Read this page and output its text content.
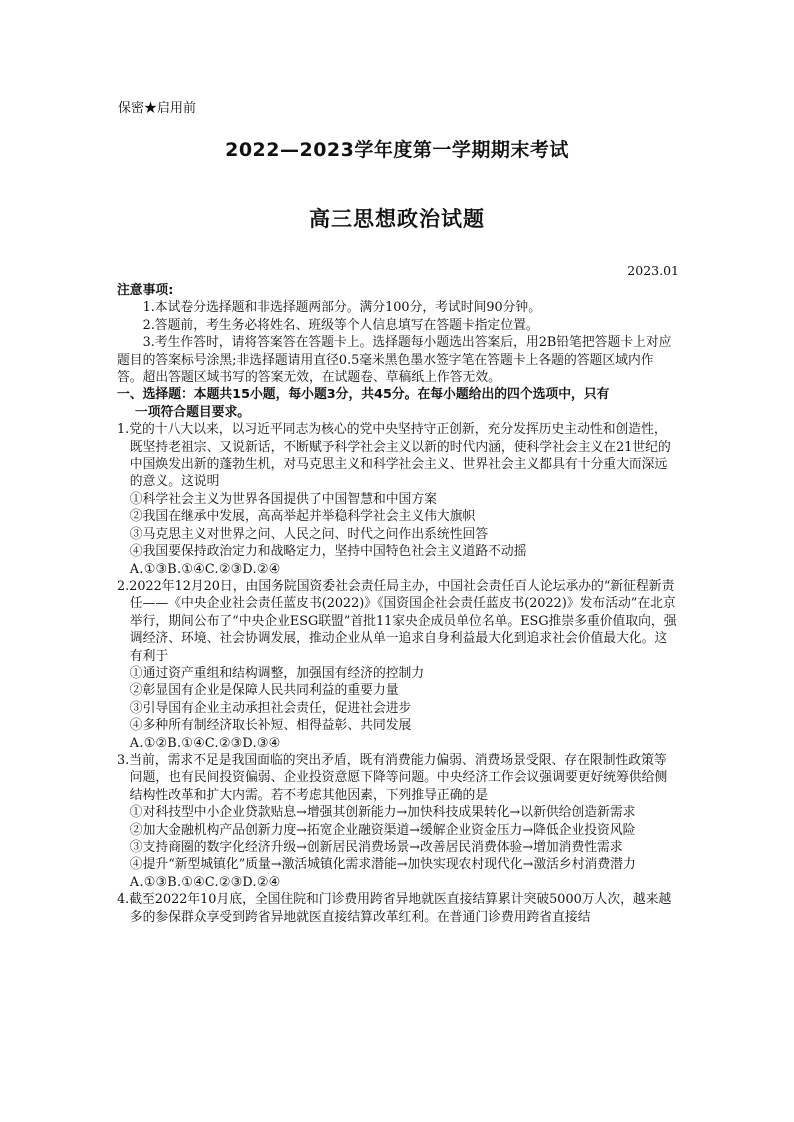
保密★启用前
2022—2023学年度第一学期期末考试
高三思想政治试题
2023.01
注意事项:
1.本试卷分选择题和非选择题两部分。满分100分，考试时间90分钟。
2.答题前，考生务必将姓名、班级等个人信息填写在答题卡指定位置。
3.考生作答时，请将答案答在答题卡上。选择题每小题选出答案后，用2B铅笔把答题卡上对应题目的答案标号涂黑;非选择题请用直径0.5毫米黑色墨水签字笔在答题卡上各题的答题区域内作答。超出答题区域书写的答案无效，在试题卷、草稿纸上作答无效。
一、选择题：本题共15小题，每小题3分，共45分。在每小题给出的四个选项中，只有
一项符合题目要求。
1.党的十八大以来，以习近平同志为核心的党中央坚持守正创新，充分发挥历史主动性和创造性，既坚持老祖宗、又说新话，不断赋予科学社会主义以新的时代内涵，使科学社会主义在21世纪的中国焕发出新的蓬勃生机，对马克思主义和科学社会主义、世界社会主义都具有十分重大而深远的意义。这说明
①科学社会主义为世界各国提供了中国智慧和中国方案
②我国在继承中发展，高高举起并举稳科学社会主义伟大旗帜
③马克思主义对世界之问、人民之问、时代之问作出系统性回答
④我国要保持政治定力和战略定力，坚持中国特色社会主义道路不动摇
A.①③B.①④C.②③D.②④
2.2022年12月20日，由国务院国资委社会责任局主办，中国社会责任百人论坛承办的“新征程新责任——《中央企业社会责任蓝皮书(2022)》《国资国企社会责任蓝皮书(2022)》发布活动”在北京举行，期间公布了“中央企业ESG联盟”首批11家央企成员单位名单。ESG推崇多重价值取向，强调经济、环境、社会协调发展，推动企业从单一追求自身利益最大化到追求社会价值最大化。这有利于
①通过资产重组和结构调整，加强国有经济的控制力
②彰显国有企业是保障人民共同利益的重要力量
③引导国有企业主动承担社会责任，促进社会进步
④多种所有制经济取长补短、相得益彰、共同发展
A.①②B.①④C.②③D.③④
3.当前，需求不足是我国面临的突出矛盾，既有消费能力偏弱、消费场景受限、存在限制性政策等问题，也有民间投资偏弱、企业投资意愿下降等问题。中央经济工作会议强调要更好统筹供给侧结构性改革和扩大内需。若不考虑其他因素，下列推导正确的是
①对科技型中小企业贷款贴息→增强其创新能力→加快科技成果转化→以新供给创造新需求
②加大金融机构产品创新力度→拓宽企业融资渠道→缓解企业资金压力→降低企业投资风险
③支持商圈的数字化经济升级→创新居民消费场景→改善居民消费体验→增加消费性需求
④提升“新型城镇化”质量→激活城镇化需求潜能→加快实现农村现代化→激活乡村消费潜力
A.①③B.①④C.②③D.②④
4.截至2022年10月底，全国住院和门诊费用跨省异地就医直接结算累计突破5000万人次，越来越多的参保群众享受到跨省异地就医直接结算改革红利。在普通门诊费用跨省直接结
